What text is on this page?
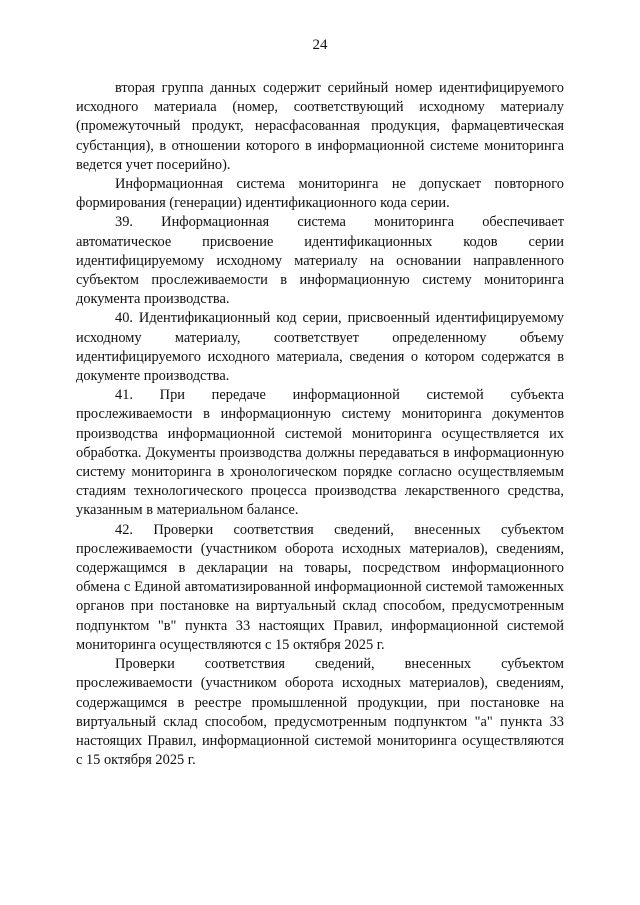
24

вторая группа данных содержит серийный номер идентифицируемого исходного материала (номер, соответствующий исходному материалу (промежуточный продукт, нерасфасованная продукция, фармацевтическая субстанция), в отношении которого в информационной системе мониторинга ведется учет посерийно).

Информационная система мониторинга не допускает повторного формирования (генерации) идентификационного кода серии.

39. Информационная система мониторинга обеспечивает автоматическое присвоение идентификационных кодов серии идентифицируемому исходному материалу на основании направленного субъектом прослеживаемости в информационную систему мониторинга документа производства.

40. Идентификационный код серии, присвоенный идентифицируемому исходному материалу, соответствует определенному объему идентифицируемого исходного материала, сведения о котором содержатся в документе производства.

41. При передаче информационной системой субъекта прослеживаемости в информационную систему мониторинга документов производства информационной системой мониторинга осуществляется их обработка. Документы производства должны передаваться в информационную систему мониторинга в хронологическом порядке согласно осуществляемым стадиям технологического процесса производства лекарственного средства, указанным в материальном балансе.

42. Проверки соответствия сведений, внесенных субъектом прослеживаемости (участником оборота исходных материалов), сведениям, содержащимся в декларации на товары, посредством информационного обмена с Единой автоматизированной информационной системой таможенных органов при постановке на виртуальный склад способом, предусмотренным подпунктом "в" пункта 33 настоящих Правил, информационной системой мониторинга осуществляются с 15 октября 2025 г.

Проверки соответствия сведений, внесенных субъектом прослеживаемости (участником оборота исходных материалов), сведениям, содержащимся в реестре промышленной продукции, при постановке на виртуальный склад способом, предусмотренным подпунктом "а" пункта 33 настоящих Правил, информационной системой мониторинга осуществляются с 15 октября 2025 г.
